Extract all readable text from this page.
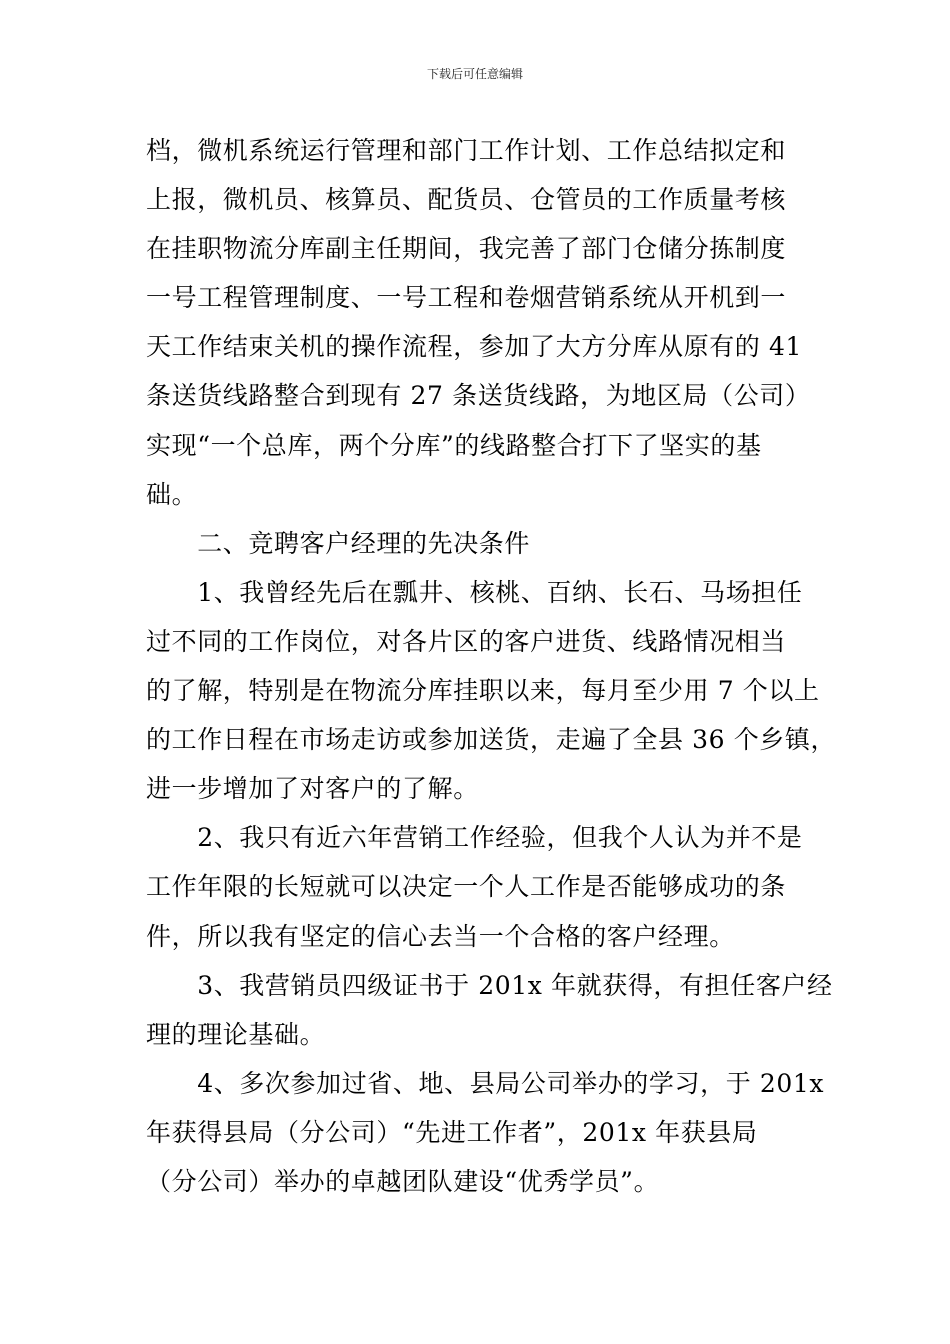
下载后可任意编辑
档，微机系统运行管理和部门工作计划、工作总结拟定和
上报，微机员、核算员、配货员、仓管员的工作质量考核
在挂职物流分库副主任期间，我完善了部门仓储分拣制度
一号工程管理制度、一号工程和卷烟营销系统从开机到一
天工作结束关机的操作流程，参加了大方分库从原有的 41
条送货线路整合到现有 27 条送货线路，为地区局（公司）
实现“一个总库，两个分库”的线路整合打下了坚实的基
础。
　　二、竞聘客户经理的先决条件
　　1、我曾经先后在瓢井、核桃、百纳、长石、马场担任
过不同的工作岗位，对各片区的客户进货、线路情况相当
的了解，特别是在物流分库挂职以来，每月至少用 7 个以上
的工作日程在市场走访或参加送货，走遍了全县 36 个乡镇，
进一步增加了对客户的了解。
　　2、我只有近六年营销工作经验，但我个人认为并不是
工作年限的长短就可以决定一个人工作是否能够成功的条
件，所以我有坚定的信心去当一个合格的客户经理。
　　3、我营销员四级证书于 201x 年就获得，有担任客户经
理的理论基础。
　　4、多次参加过省、地、县局公司举办的学习，于 201x
年获得县局（分公司）“先进工作者”，201x 年获县局
（分公司）举办的卓越团队建设“优秀学员”。
